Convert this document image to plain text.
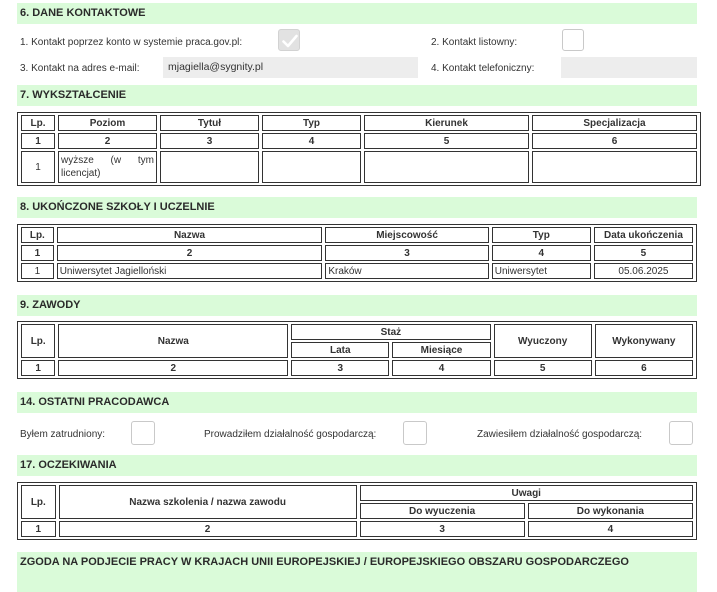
6. DANE KONTAKTOWE
1. Kontakt poprzez konto w systemie praca.gov.pl:	2. Kontakt listowny:
3. Kontakt na adres e-mail:	mjagiella@sygnity.pl	4. Kontakt telefoniczny:
7. WYKSZTAŁCENIE
Lp.	Poziom	Tytuł	Typ	Kierunek	Specjalizacja
1	2	3	4	5	6
1	wyższe (w tym licencjat)				
8. UKOŃCZONE SZKOŁY I UCZELNIE
Lp.	Nazwa	Miejscowość	Typ	Data ukończenia
1	2	3	4	5
1	Uniwersytet Jagielloński	Kraków	Uniwersytet	05.06.2025
9. ZAWODY
Lp.	Nazwa	Staż		Wyuczony	Wykonywany
		Lata	Miesiące		
1	2	3	4	5	6
14. OSTATNI PRACODAWCA
Byłem zatrudniony:	Prowadziłem działalność gospodarczą:	Zawiesiłem działalność gospodarczą:
17. OCZEKIWANIA
Lp.	Nazwa szkolenia / nazwa zawodu	Uwagi	
		Do wyuczenia	Do wykonania
1	2	3	4
ZGODA NA PODJECIE PRACY W KRAJACH UNII EUROPEJSKIEJ / EUROPEJSKIEGO OBSZARU GOSPODARCZEGO
